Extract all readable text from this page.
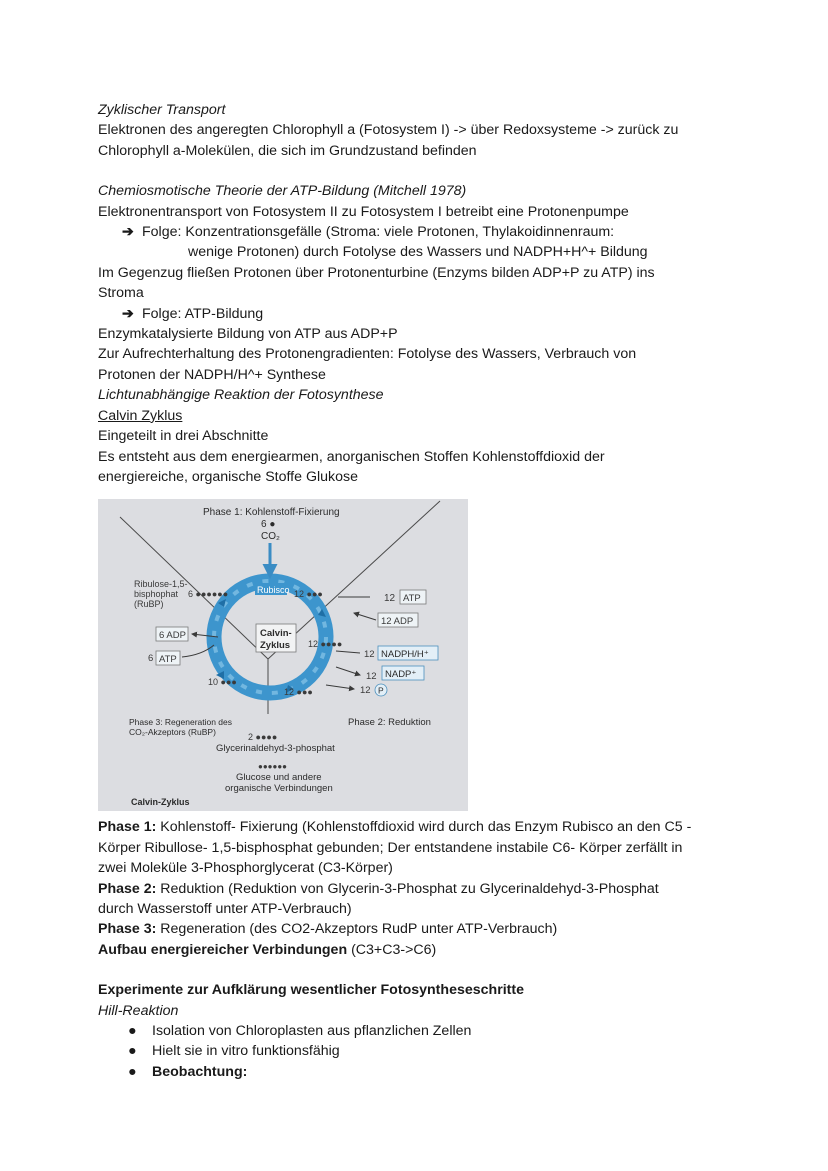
Zyklischer Transport

Elektronen des angeregten Chlorophyll a (Fotosystem I) -> über Redoxsysteme -> zurück zu

Chlorophyll a-Molekülen, die sich im Grundzustand befinden

Chemiosmotische Theorie der ATP-Bildung (Mitchell 1978)

Elektronentransport von Fotosystem II zu Fotosystem I betreibt eine Protonenpumpe

➔ Folge: Konzentrationsgefälle (Stroma: viele Protonen, Thylakoidinnenraum:

wenige Protonen) durch Fotolyse des Wassers und NADPH+H^+ Bildung

Im Gegenzug fließen Protonen über Protonenturbine (Enzyms bilden ADP+P zu ATP) ins

Stroma

➔ Folge: ATP-Bildung

Enzymkatalysierte Bildung von ATP aus ADP+P

Zur Aufrechterhaltung des Protonengradienten: Fotolyse des Wassers, Verbrauch von

Protonen der NADPH/H^+ Synthese

Lichtunabhängige Reaktion der Fotosynthese

Calvin Zyklus

Eingeteilt in drei Abschnitte

Es entsteht aus dem energiearmen, anorganischen Stoffen Kohlenstoffdioxid der

energiereiche, organische Stoffe Glukose

Phase 1: Kohlenstoff-Fixierung
6 ●
CO₂
Rubisco
Ribulose-1,5-
bisphophat
(RuBP)
6 ●●●●●●	12 ●●●	12 ATP
12 ADP
Calvin-
Zyklus 12 ●●●●
6 ADP
6 ATP	12 NADPH/H⁺
12 NADP⁺
12 P
10 ●●●
12 ●●●
Phase 3: Regeneration des
CO₂-Akzeptors (RuBP)
Phase 2: Reduktion
2 ●●●●
Glycerinaldehyd-3-phosphat
●●●●●●
Glucose und andere
organische Verbindungen
Calvin-Zyklus

Phase 1: Kohlenstoff- Fixierung (Kohlenstoffdioxid wird durch das Enzym Rubisco an den C5 -

Körper Ribullose- 1,5-bisphosphat gebunden; Der entstandene instabile C6- Körper zerfällt in

zwei Moleküle 3-Phosphorglycerat (C3-Körper)

Phase 2: Reduktion (Reduktion von Glycerin-3-Phosphat zu Glycerinaldehyd-3-Phosphat

durch Wasserstoff unter ATP-Verbrauch)

Phase 3: Regeneration (des CO2-Akzeptors RudP unter ATP-Verbrauch)

Aufbau energiereicher Verbindungen (C3+C3->C6)

Experimente zur Aufklärung wesentlicher Fotosyntheseschritte

Hill-Reaktion

● Isolation von Chloroplasten aus pflanzlichen Zellen
● Hielt sie in vitro funktionsfähig
● Beobachtung:
